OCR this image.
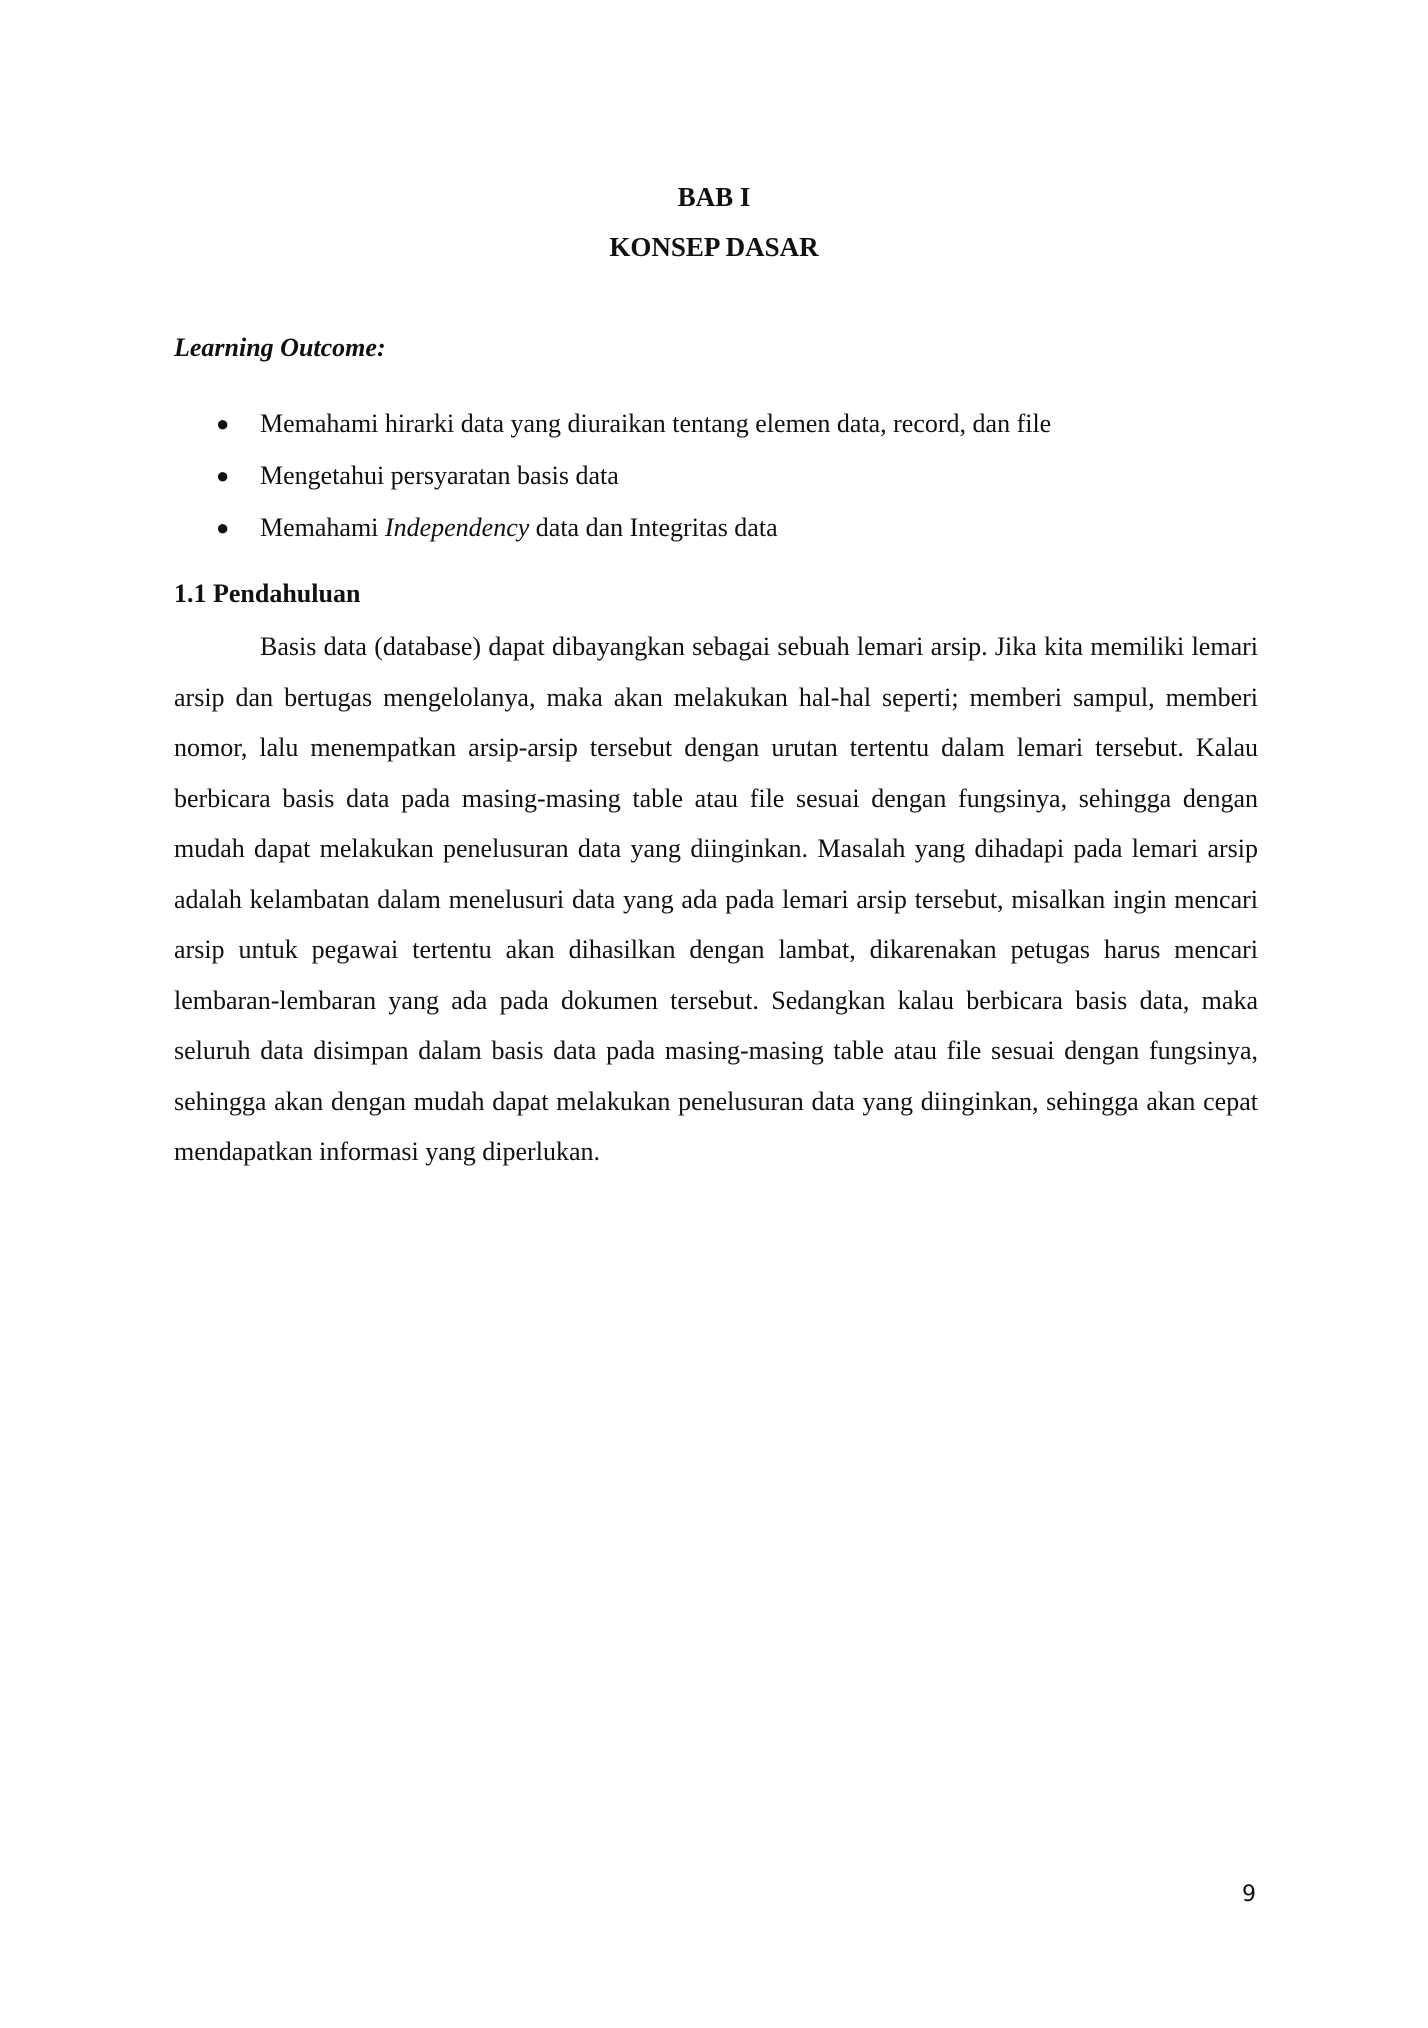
BAB I
KONSEP DASAR
Learning Outcome:
● Memahami hirarki data yang diuraikan tentang elemen data, record, dan file
● Mengetahui persyaratan basis data
● Memahami Independency data dan Integritas data
1.1 Pendahuluan

Basis data (database) dapat dibayangkan sebagai sebuah lemari arsip. Jika kita memiliki lemari arsip dan bertugas mengelolanya, maka akan melakukan hal-hal seperti; memberi sampul, memberi nomor, lalu menempatkan arsip-arsip tersebut dengan urutan tertentu dalam lemari tersebut. Kalau berbicara basis data pada masing-masing table atau file sesuai dengan fungsinya, sehingga dengan mudah dapat melakukan penelusuran data yang diinginkan. Masalah yang dihadapi pada lemari arsip adalah kelambatan dalam menelusuri data yang ada pada lemari arsip tersebut, misalkan ingin mencari arsip untuk pegawai tertentu akan dihasilkan dengan lambat, dikarenakan petugas harus mencari lembaran-lembaran yang ada pada dokumen tersebut. Sedangkan kalau berbicara basis data, maka seluruh data disimpan dalam basis data pada masing-masing table atau file sesuai dengan fungsinya, sehingga akan dengan mudah dapat melakukan penelusuran data yang diinginkan, sehingga akan cepat mendapatkan informasi yang diperlukan.

9
